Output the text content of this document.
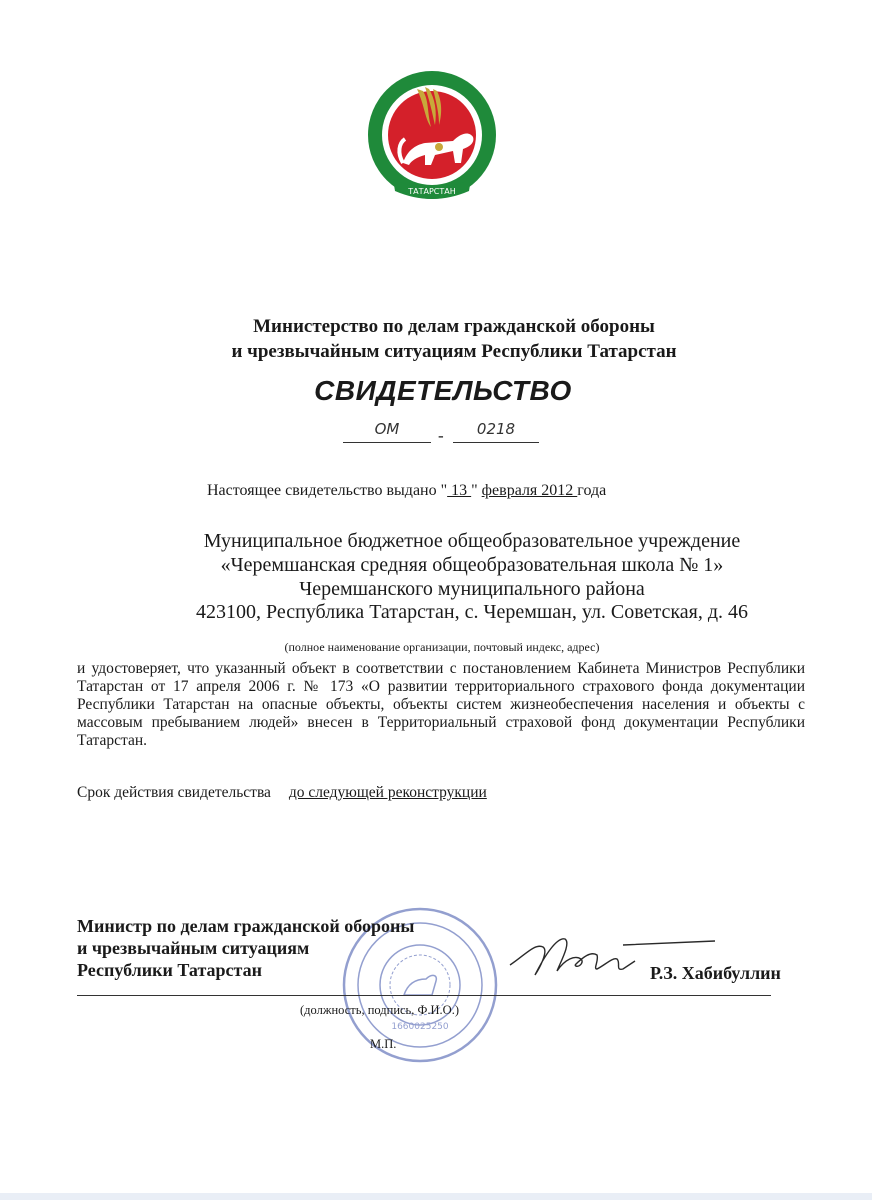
ТАТАРСТАН
Министерство по делам гражданской обороны
и чрезвычайным ситуациям Республики Татарстан
СВИДЕТЕЛЬСТВО
ОМ	-	0218
Настоящее свидетельство выдано " 13 " февраля 2012 года
Муниципальное бюджетное общеобразовательное учреждение
«Черемшанская средняя общеобразовательная школа № 1»
Черемшанского муниципального района
423100, Республика Татарстан, с. Черемшан, ул. Советская, д. 46
(полное наименование организации, почтовый индекс, адрес)
и удостоверяет, что указанный объект в соответствии с постановлением Кабинета Министров Республики Татарстан от 17 апреля 2006 г. № 173 «О развитии территориального страхового фонда документации Республики Татарстан на опасные объекты, объекты систем жизнеобеспечения населения и объекты с массовым пребыванием людей» внесен в Территориальный страховой фонд документации Республики Татарстан.
Срок действия свидетельства до следующей реконструкции
1660025250
Министр по делам гражданской обороны
и чрезвычайным ситуациям
Республики Татарстан	Р.З. Хабибуллин
(должность, подпись, Ф.И.О.)
М.П.
